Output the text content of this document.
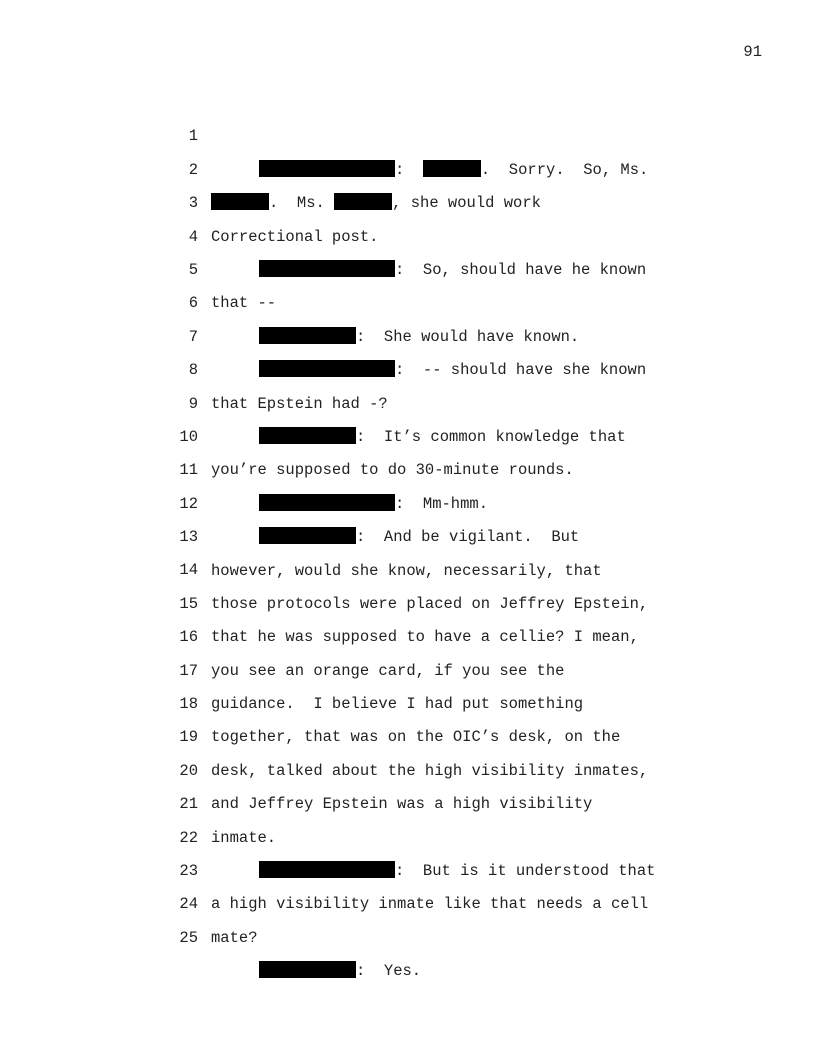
91

1

:	.  Sorry.  So, Ms.

2

.  Ms.	, she would work

3

Correctional post.

4

:  So, should have he known

5

that --

6

:  She would have known.

7

:  -- should have she known

8

that Epstein had -?

9

:  It’s common knowledge that

10

you’re supposed to do 30-minute rounds.

11

:  Mm-hmm.

12

:  And be vigilant.  But

13

however, would she know, necessarily, that

14

those protocols were placed on Jeffrey Epstein,

15

that he was supposed to have a cellie? I mean,

16

you see an orange card, if you see the

17

guidance.  I believe I had put something

18

together, that was on the OIC’s desk, on the

19

desk, talked about the high visibility inmates,

20

and Jeffrey Epstein was a high visibility

21

inmate.

22

:  But is it understood that

23

a high visibility inmate like that needs a cell

24

mate?

25

:  Yes.
